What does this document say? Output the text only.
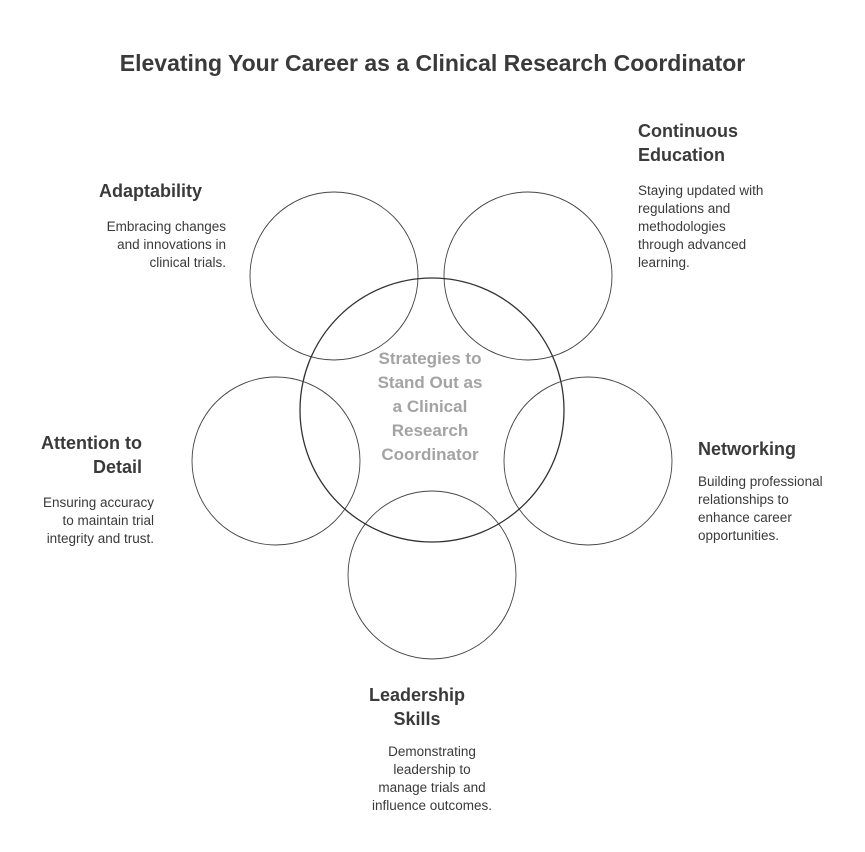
Elevating Your Career as a Clinical Research Coordinator
Strategies to
Stand Out as
a Clinical
Research
Coordinator
Adaptability
Embracing changes
and innovations in
clinical trials.
Continuous
Education
Staying updated with
regulations and
methodologies
through advanced
learning.
Attention to
Detail
Ensuring accuracy
to maintain trial
integrity and trust.
Networking
Building professional
relationships to
enhance career
opportunities.
Leadership
Skills
Demonstrating
leadership to
manage trials and
influence outcomes.
